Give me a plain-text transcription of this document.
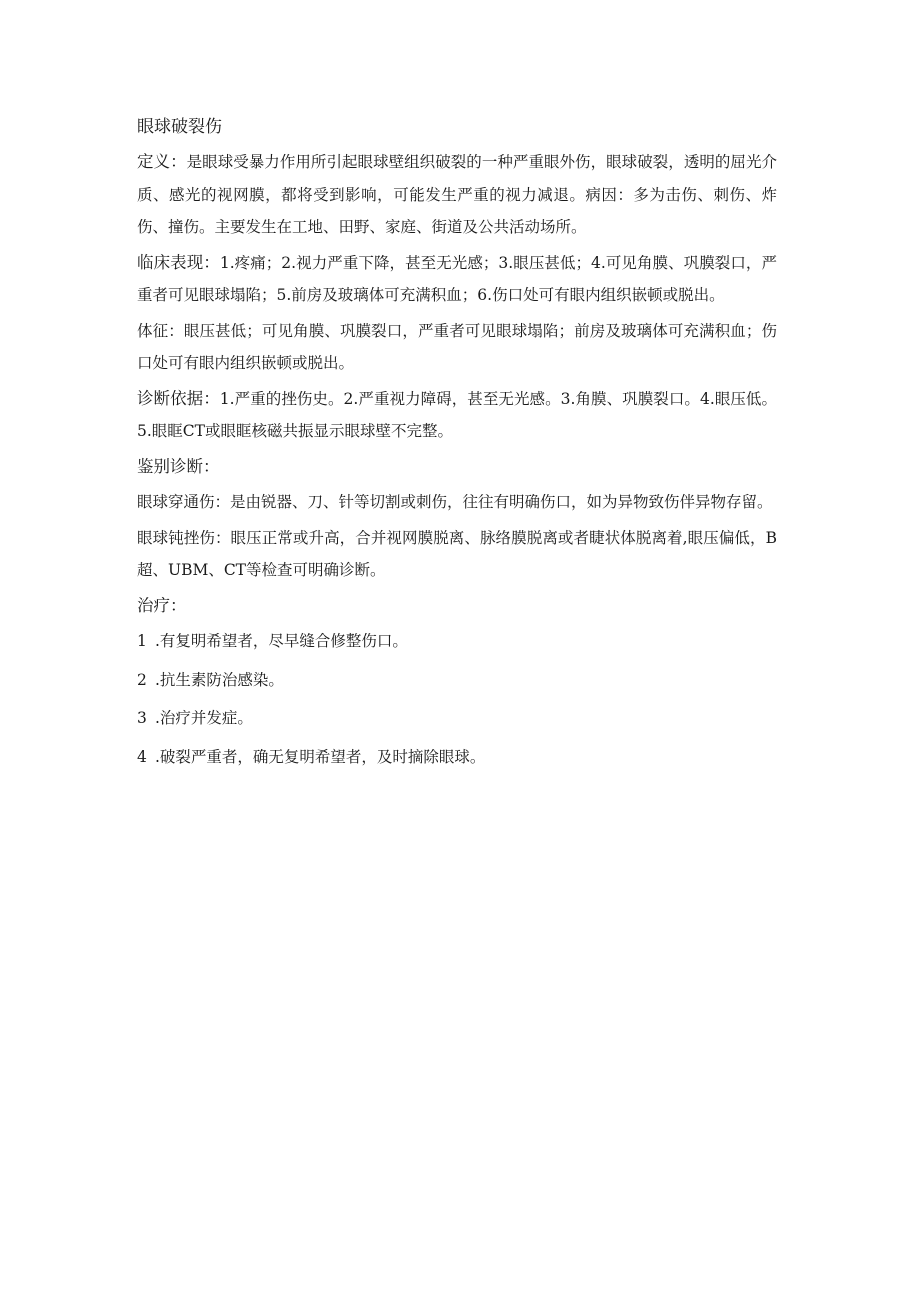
眼球破裂伤

定义：是眼球受暴力作用所引起眼球壁组织破裂的一种严重眼外伤，眼球破裂，透明的屈光介质、感光的视网膜，都将受到影响，可能发生严重的视力减退。病因：多为击伤、刺伤、炸伤、撞伤。主要发生在工地、田野、家庭、街道及公共活动场所。

临床表现：1.疼痛；2.视力严重下降，甚至无光感；3.眼压甚低；4.可见角膜、巩膜裂口，严重者可见眼球塌陷；5.前房及玻璃体可充满积血；6.伤口处可有眼内组织嵌顿或脱出。

体征：眼压甚低；可见角膜、巩膜裂口，严重者可见眼球塌陷；前房及玻璃体可充满积血；伤口处可有眼内组织嵌顿或脱出。

诊断依据：1.严重的挫伤史。2.严重视力障碍，甚至无光感。3.角膜、巩膜裂口。4.眼压低。5.眼眶CT或眼眶核磁共振显示眼球壁不完整。

鉴别诊断：

眼球穿通伤：是由锐器、刀、针等切割或刺伤，往往有明确伤口，如为异物致伤伴异物存留。

眼球钝挫伤：眼压正常或升高，合并视网膜脱离、脉络膜脱离或者睫状体脱离着,眼压偏低，B超、UBM、CT等检查可明确诊断。

治疗：

1 .有复明希望者，尽早缝合修整伤口。

2 .抗生素防治感染。

3 .治疗并发症。

4 .破裂严重者，确无复明希望者，及时摘除眼球。
